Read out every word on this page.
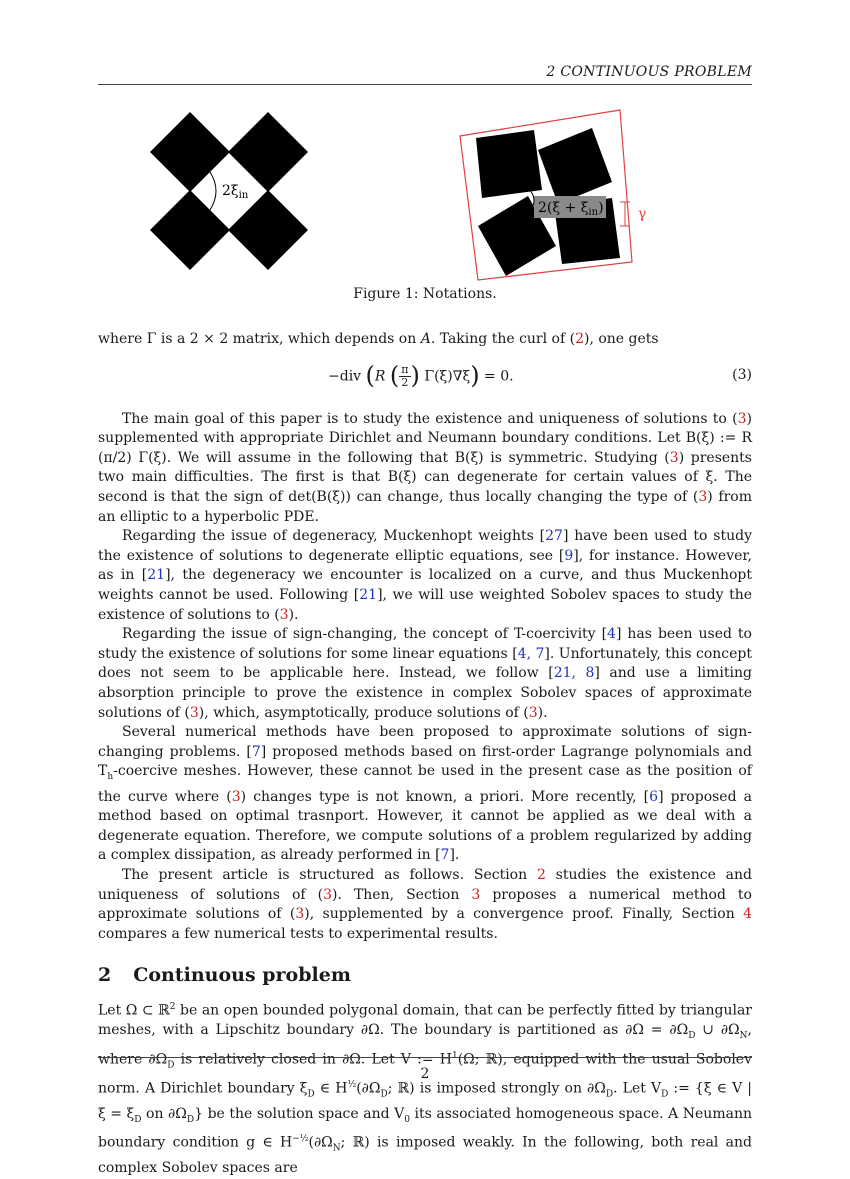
2 CONTINUOUS PROBLEM
$2\xi_{in}$
$2(\xi + \xi_{in})$ γ
Figure 1: Notations.

where Γ is a 2 × 2 matrix, which depends on A. Taking the curl of (2), one gets

−div (R ( $\frac{\pi}{2}$) Γ(ξ)∇ξ) = 0.	(3)

The main goal of this paper is to study the existence and uniqueness of solutions to (3) supplemented with appropriate Dirichlet and Neumann boundary conditions. Let B(ξ) := R (π/2) Γ(ξ). We will assume in the following that B(ξ) is symmetric. Studying (3) presents two main difficulties. The first is that B(ξ) can degenerate for certain values of ξ. The second is that the sign of det(B(ξ)) can change, thus locally changing the type of (3) from an elliptic to a hyperbolic PDE.

Regarding the issue of degeneracy, Muckenhopt weights [27] have been used to study the existence of solutions to degenerate elliptic equations, see [9], for instance. However, as in [21], the degeneracy we encounter is localized on a curve, and thus Muckenhopt weights cannot be used. Following [21], we will use weighted Sobolev spaces to study the existence of solutions to (3).

Regarding the issue of sign-changing, the concept of T-coercivity [4] has been used to study the existence of solutions for some linear equations [4, 7]. Unfortunately, this concept does not seem to be applicable here. Instead, we follow [21, 8] and use a limiting absorption principle to prove the existence in complex Sobolev spaces of approximate solutions of (3), which, asymptotically, produce solutions of (3).

Several numerical methods have been proposed to approximate solutions of sign-changing problems. [7] proposed methods based on first-order Lagrange polynomials and $T_h$-coercive meshes. However, these cannot be used in the present case as the position of the curve where (3) changes type is not known, a priori. More recently, [6] proposed a method based on optimal trasnport. However, it cannot be applied as we deal with a degenerate equation. Therefore, we compute solutions of a problem regularized by adding a complex dissipation, as already performed in [7].

The present article is structured as follows. Section 2 studies the existence and uniqueness of solutions of (3). Then, Section 3 proposes a numerical method to approximate solutions of (3), supplemented by a convergence proof. Finally, Section 4 compares a few numerical tests to experimental results.

2 Continuous problem

Let Ω ⊂ ℝ$^2$ be an open bounded polygonal domain, that can be perfectly fitted by triangular meshes, with a Lipschitz boundary ∂Ω. The boundary is partitioned as $\partial\Omega = \partial\Omega_D$ ∪ $\partial\Omega_N$, where $\partial\Omega_D$ is relatively closed in ∂Ω. Let V := $H^1(\Omega$; ℝ), equipped with the usual Sobolev norm. A Dirichlet boundary $\xi_D$ ∈ $H^{\frac{1}{2}}(\partial\Omega_D$; ℝ) is imposed strongly on $\partial\Omega_D$. Let $V_D$ := {ξ ∈ V | $\xi = \xi_D$ on $\partial\Omega_D$} be the solution space and $V_0$ its associated homogeneous space. A Neumann boundary condition g ∈ $H^{-\frac{1}{2}}(\partial\Omega_N$; ℝ) is imposed weakly. In the following, both real and complex Sobolev spaces are

2
